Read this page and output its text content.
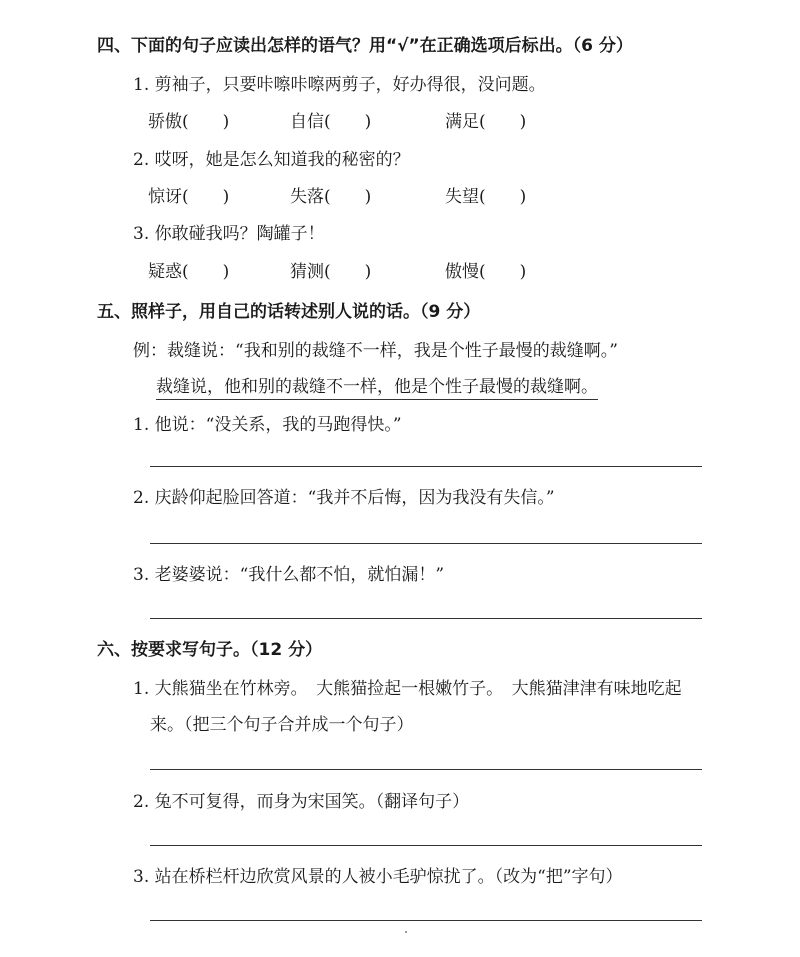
四、下面的句子应读出怎样的语气？用“√”在正确选项后标出。（6 分）
1. 剪袖子，只要咔嚓咔嚓两剪子，好办得很，没问题。
骄傲(　　)	自信(　　)	满足(　　)
2. 哎呀，她是怎么知道我的秘密的？
惊讶(　　)	失落(　　)	失望(　　)
3. 你敢碰我吗？陶罐子！
疑惑(　　)	猜测(　　)	傲慢(　　)
五、照样子，用自己的话转述别人说的话。（9 分）
例：裁缝说：“我和别的裁缝不一样，我是个性子最慢的裁缝啊。”
裁缝说，他和别的裁缝不一样，他是个性子最慢的裁缝啊。
1. 他说：“没关系，我的马跑得快。”
2. 庆龄仰起脸回答道：“我并不后悔，因为我没有失信。”
3. 老婆婆说：“我什么都不怕，就怕漏！”
六、按要求写句子。（12 分）
1. 大熊猫坐在竹林旁。　大熊猫捡起一根嫩竹子。　大熊猫津津有味地吃起
来。（把三个句子合并成一个句子）
2. 兔不可复得，而身为宋国笑。（翻译句子）
3. 站在桥栏杆边欣赏风景的人被小毛驴惊扰了。（改为“把”字句）
